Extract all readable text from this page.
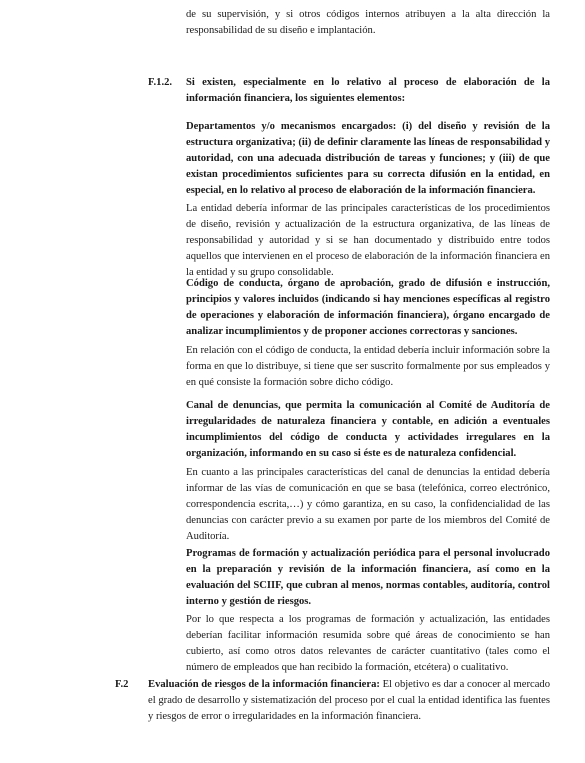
de su supervisión, y si otros códigos internos atribuyen a la alta dirección la responsabilidad de su diseño e implantación.

F.1.2. Si existen, especialmente en lo relativo al proceso de elaboración de la información financiera, los siguientes elementos:

Departamentos y/o mecanismos encargados: (i) del diseño y revisión de la estructura organizativa; (ii) de definir claramente las líneas de responsabilidad y autoridad, con una adecuada distribución de tareas y funciones; y (iii) de que existan procedimientos suficientes para su correcta difusión en la entidad, en especial, en lo relativo al proceso de elaboración de la información financiera.

La entidad debería informar de las principales características de los procedimientos de diseño, revisión y actualización de la estructura organizativa, de las líneas de responsabilidad y autoridad y si se han documentado y distribuido entre todos aquellos que intervienen en el proceso de elaboración de la información financiera en la entidad y su grupo consolidable.

Código de conducta, órgano de aprobación, grado de difusión e instrucción, principios y valores incluidos (indicando si hay menciones específicas al registro de operaciones y elaboración de información financiera), órgano encargado de analizar incumplimientos y de proponer acciones correctoras y sanciones.

En relación con el código de conducta, la entidad debería incluir información sobre la forma en que lo distribuye, si tiene que ser suscrito formalmente por sus empleados y en qué consiste la formación sobre dicho código.

Canal de denuncias, que permita la comunicación al Comité de Auditoría de irregularidades de naturaleza financiera y contable, en adición a eventuales incumplimientos del código de conducta y actividades irregulares en la organización, informando en su caso si éste es de naturaleza confidencial.

En cuanto a las principales características del canal de denuncias la entidad debería informar de las vías de comunicación en que se basa (telefónica, correo electrónico, correspondencia escrita,…) y cómo garantiza, en su caso, la confidencialidad de las denuncias con carácter previo a su examen por parte de los miembros del Comité de Auditoría.

Programas de formación y actualización periódica para el personal involucrado en la preparación y revisión de la información financiera, así como en la evaluación del SCIIF, que cubran al menos, normas contables, auditoría, control interno y gestión de riesgos.

Por lo que respecta a los programas de formación y actualización, las entidades deberían facilitar información resumida sobre qué áreas de conocimiento se han cubierto, así como otros datos relevantes de carácter cuantitativo (tales como el número de empleados que han recibido la formación, etcétera) o cualitativo.

F.2 Evaluación de riesgos de la información financiera: El objetivo es dar a conocer al mercado el grado de desarrollo y sistematización del proceso por el cual la entidad identifica las fuentes y riesgos de error o irregularidades en la información financiera.
